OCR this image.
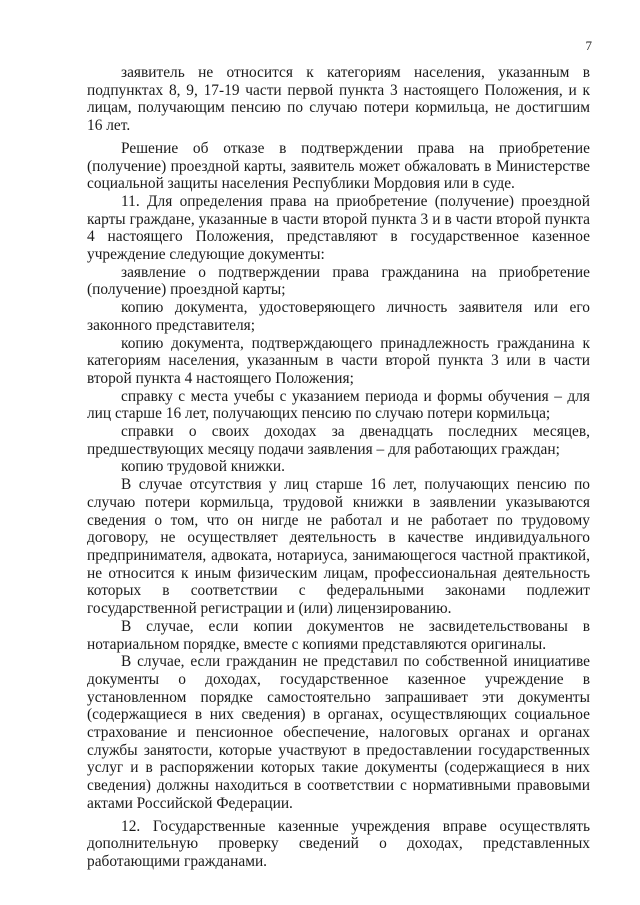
7

заявитель не относится к категориям населения, указанным в подпунктах 8, 9, 17-19 части первой пункта 3 настоящего Положения, и к лицам, получающим пенсию по случаю потери кормильца, не достигшим 16 лет.

Решение об отказе в подтверждении права на приобретение (получение) проездной карты, заявитель может обжаловать в Министерстве социальной защиты населения Республики Мордовия или в суде.

11. Для определения права на приобретение (получение) проездной карты граждане, указанные в части второй пункта 3 и в части второй пункта 4 настоящего Положения, представляют в государственное казенное учреждение следующие документы:

заявление о подтверждении права гражданина на приобретение (получение) проездной карты;

копию документа, удостоверяющего личность заявителя или его законного представителя;

копию документа, подтверждающего принадлежность гражданина к категориям населения, указанным в части второй пункта 3 или в части второй пункта 4 настоящего Положения;

справку с места учебы с указанием периода и формы обучения – для лиц старше 16 лет, получающих пенсию по случаю потери кормильца;

справки о своих доходах за двенадцать последних месяцев, предшествующих месяцу подачи заявления – для работающих граждан;

копию трудовой книжки.

В случае отсутствия у лиц старше 16 лет, получающих пенсию по случаю потери кормильца, трудовой книжки в заявлении указываются сведения о том, что он нигде не работал и не работает по трудовому договору, не осуществляет деятельность в качестве индивидуального предпринимателя, адвоката, нотариуса, занимающегося частной практикой, не относится к иным физическим лицам, профессиональная деятельность которых в соответствии с федеральными законами подлежит государственной регистрации и (или) лицензированию.

В случае, если копии документов не засвидетельствованы в нотариальном порядке, вместе с копиями представляются оригиналы.

В случае, если гражданин не представил по собственной инициативе документы о доходах, государственное казенное учреждение в установленном порядке самостоятельно запрашивает эти документы (содержащиеся в них сведения) в органах, осуществляющих социальное страхование и пенсионное обеспечение, налоговых органах и органах службы занятости, которые участвуют в предоставлении государственных услуг и в распоряжении которых такие документы (содержащиеся в них сведения) должны находиться в соответствии с нормативными правовыми актами Российской Федерации.

12. Государственные казенные учреждения вправе осуществлять дополнительную проверку сведений о доходах, представленных работающими гражданами.
